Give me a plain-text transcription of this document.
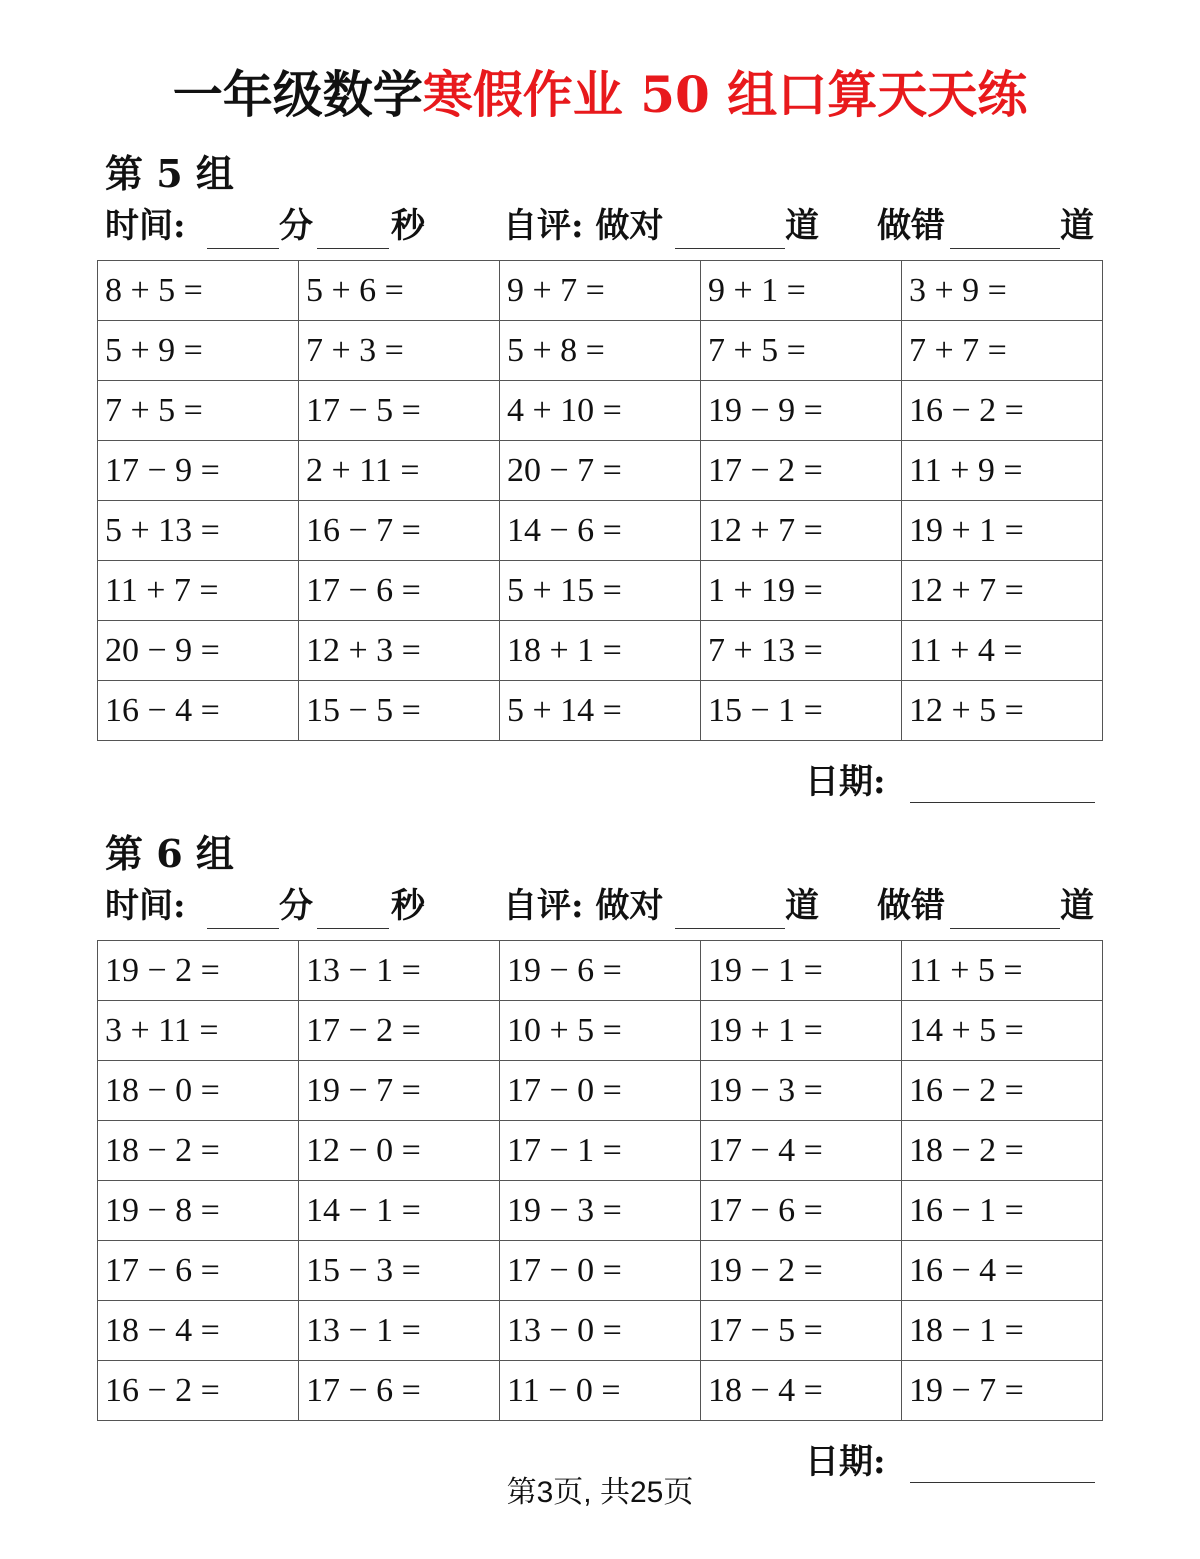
一年级数学寒假作业 50 组口算天天练
第 5 组
时间:	分 秒 自评: 做对	道 做错	道
8 + 5 =	5 + 6 =	9 + 7 =	9 + 1 =	3 + 9 =
5 + 9 =	7 + 3 =	5 + 8 =	7 + 5 =	7 + 7 =
7 + 5 =	17 − 5 =	4 + 10 =	19 − 9 =	16 − 2 =
17 − 9 =	2 + 11 =	20 − 7 =	17 − 2 =	11 + 9 =
5 + 13 =	16 − 7 =	14 − 6 =	12 + 7 =	19 + 1 =
11 + 7 =	17 − 6 =	5 + 15 =	1 + 19 =	12 + 7 =
20 − 9 =	12 + 3 =	18 + 1 =	7 + 13 =	11 + 4 =
16 − 4 =	15 − 5 =	5 + 14 =	15 − 1 =	12 + 5 =
日期:
第 6 组
时间:	分 秒 自评: 做对	道 做错	道
19 − 2 =	13 − 1 =	19 − 6 =	19 − 1 =	11 + 5 =
3 + 11 =	17 − 2 =	10 + 5 =	19 + 1 =	14 + 5 =
18 − 0 =	19 − 7 =	17 − 0 =	19 − 3 =	16 − 2 =
18 − 2 =	12 − 0 =	17 − 1 =	17 − 4 =	18 − 2 =
19 − 8 =	14 − 1 =	19 − 3 =	17 − 6 =	16 − 1 =
17 − 6 =	15 − 3 =	17 − 0 =	19 − 2 =	16 − 4 =
18 − 4 =	13 − 1 =	13 − 0 =	17 − 5 =	18 − 1 =
16 − 2 =	17 − 6 =	11 − 0 =	18 − 4 =	19 − 7 =
日期:
第3页, 共25页
